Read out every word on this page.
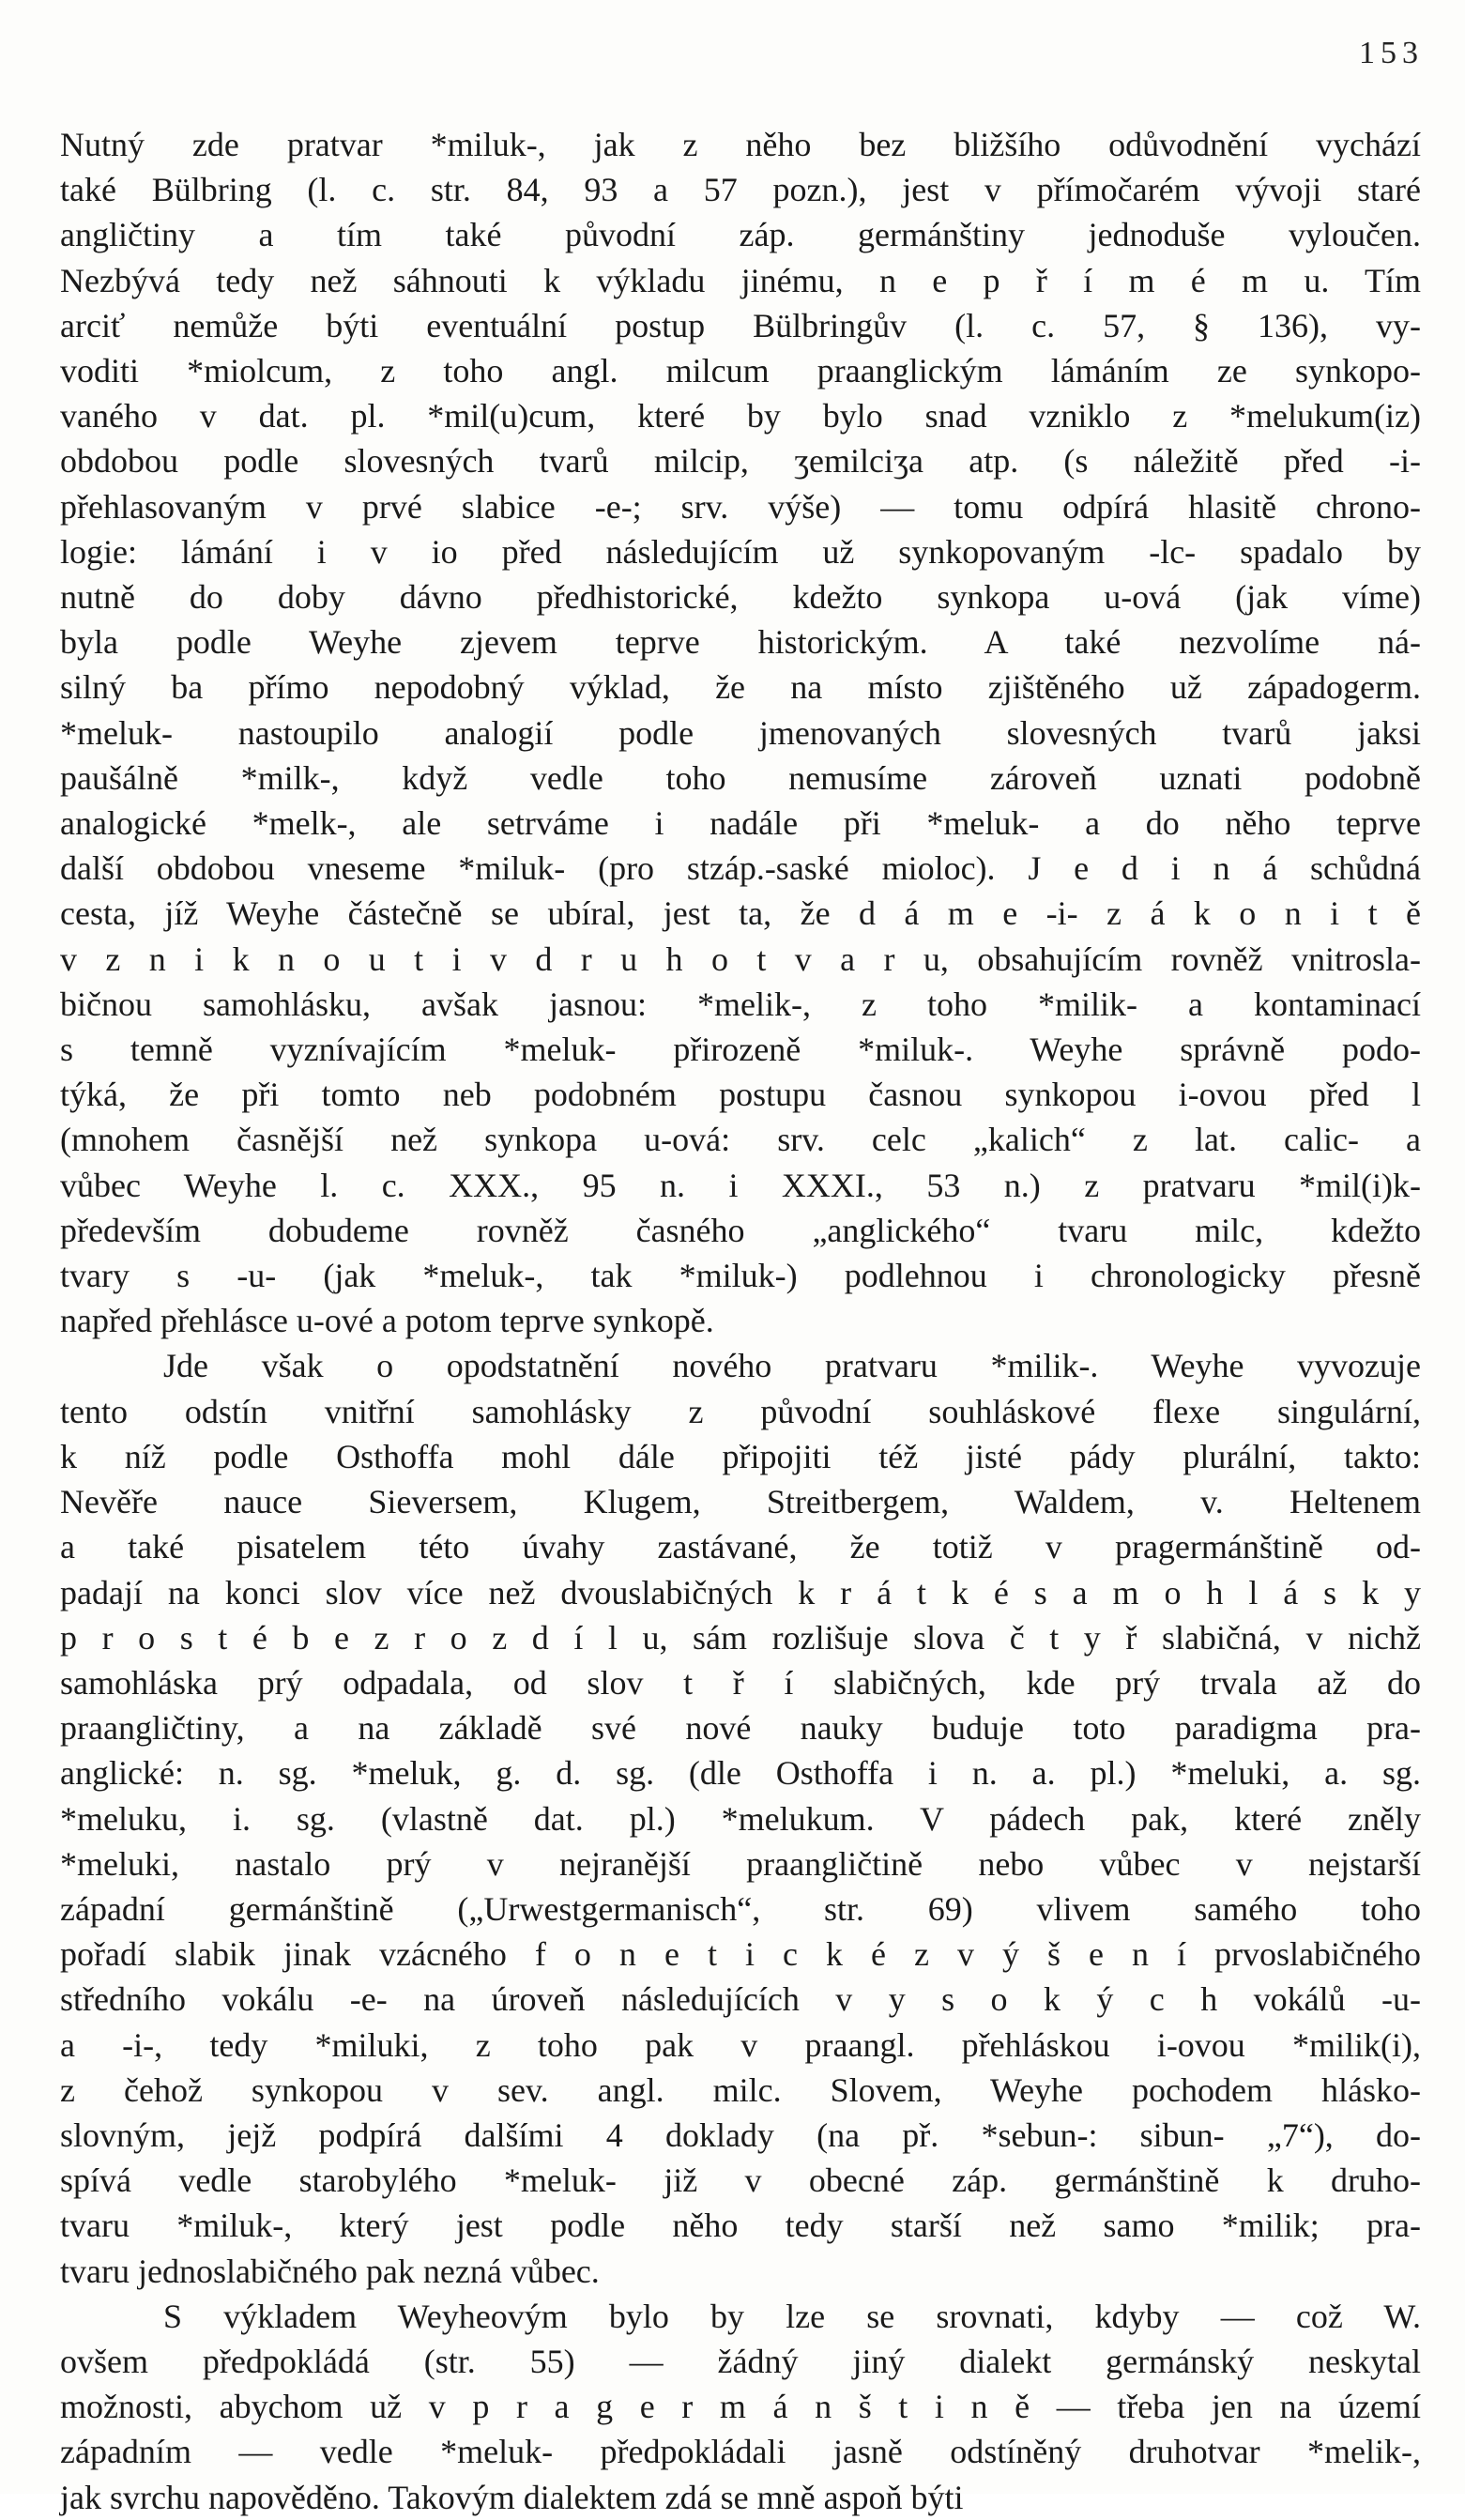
153
Nutný zde pratvar *miluk-, jak z něho bez bližšího odůvodnění vychází
také Bülbring (l. c. str. 84, 93 a 57 pozn.), jest v přímočarém vývoji staré
angličtiny a tím také původní záp. germánštiny jednoduše vyloučen.
Nezbývá tedy než sáhnouti k výkladu jinému, n e p ř í m é m u. Tím
arciť nemůže býti eventuální postup Bülbringův (l. c. 57, § 136), vy-
voditi *miolcum, z toho angl. milcum praanglickým lámáním ze synkopo-
vaného v dat. pl. *mil(u)cum, které by bylo snad vzniklo z *melukum(iz)
obdobou podle slovesných tvarů milcip, ʒemilciʒa atp. (s náležitě před -i-
přehlasovaným v prvé slabice -e-; srv. výše) — tomu odpírá hlasitě chrono-
logie: lámání i v io před následujícím už synkopovaným -lc- spadalo by
nutně do doby dávno předhistorické, kdežto synkopa u-ová (jak víme)
byla podle Weyhe zjevem teprve historickým. A také nezvolíme ná-
silný ba přímo nepodobný výklad, že na místo zjištěného už západogerm.
*meluk- nastoupilo analogií podle jmenovaných slovesných tvarů jaksi
paušálně *milk-, když vedle toho nemusíme zároveň uznati podobně
analogické *melk-, ale setrváme i nadále při *meluk- a do něho teprve
další obdobou vneseme *miluk- (pro stzáp.-saské mioloc). J e d i n á schůdná
cesta, jíž Weyhe částečně se ubíral, jest ta, že d á m e -i- z á k o n i t ě
v z n i k n o u t i v d r u h o t v a r u, obsahujícím rovněž vnitrosla-
bičnou samohlásku, avšak jasnou: *melik-, z toho *milik- a kontaminací
s temně vyznívajícím *meluk- přirozeně *miluk-. Weyhe správně podo-
týká, že při tomto neb podobném postupu časnou synkopou i-ovou před l
(mnohem časnější než synkopa u-ová: srv. celc „kalich“ z lat. calic- a
vůbec Weyhe l. c. XXX., 95 n. i XXXI., 53 n.) z pratvaru *mil(i)k-
především dobudeme rovněž časného „anglického“ tvaru milc, kdežto
tvary s -u- (jak *meluk-, tak *miluk-) podlehnou i chronologicky přesně
napřed přehlásce u-ové a potom teprve synkopě.
Jde však o opodstatnění nového pratvaru *milik-. Weyhe vyvozuje
tento odstín vnitřní samohlásky z původní souhláskové flexe singulární,
k níž podle Osthoffa mohl dále připojiti též jisté pády plurální, takto:
Nevěře nauce Sieversem, Klugem, Streitbergem, Waldem, v. Heltenem
a také pisatelem této úvahy zastávané, že totiž v pragermánštině od-
padají na konci slov více než dvouslabičných k r á t k é s a m o h l á s k y
p r o s t é b e z r o z d í l u, sám rozlišuje slova č t y ř slabičná, v nichž
samohláska prý odpadala, od slov t ř í slabičných, kde prý trvala až do
praangličtiny, a na základě své nové nauky buduje toto paradigma pra-
anglické: n. sg. *meluk, g. d. sg. (dle Osthoffa i n. a. pl.) *meluki, a. sg.
*meluku, i. sg. (vlastně dat. pl.) *melukum. V pádech pak, které zněly
*meluki, nastalo prý v nejranější praangličtině nebo vůbec v nejstarší
západní germánštině („Urwestgermanisch“, str. 69) vlivem samého toho
pořadí slabik jinak vzácného f o n e t i c k é z v ý š e n í prvoslabičného
středního vokálu -e- na úroveň následujících v y s o k ý c h vokálů -u-
a -i-, tedy *miluki, z toho pak v praangl. přehláskou i-ovou *milik(i),
z čehož synkopou v sev. angl. milc. Slovem, Weyhe pochodem hlásko-
slovným, jejž podpírá dalšími 4 doklady (na př. *sebun-: sibun- „7“), do-
spívá vedle starobylého *meluk- již v obecné záp. germánštině k druho-
tvaru *miluk-, který jest podle něho tedy starší než samo *milik; pra-
tvaru jednoslabičného pak nezná vůbec.
S výkladem Weyheovým bylo by lze se srovnati, kdyby — což W.
ovšem předpokládá (str. 55) — žádný jiný dialekt germánský neskytal
možnosti, abychom už v p r a g e r m á n š t i n ě — třeba jen na území
západním — vedle *meluk- předpokládali jasně odstíněný druhotvar *melik-,
jak svrchu napověděno. Takovým dialektem zdá se mně aspoň býti
